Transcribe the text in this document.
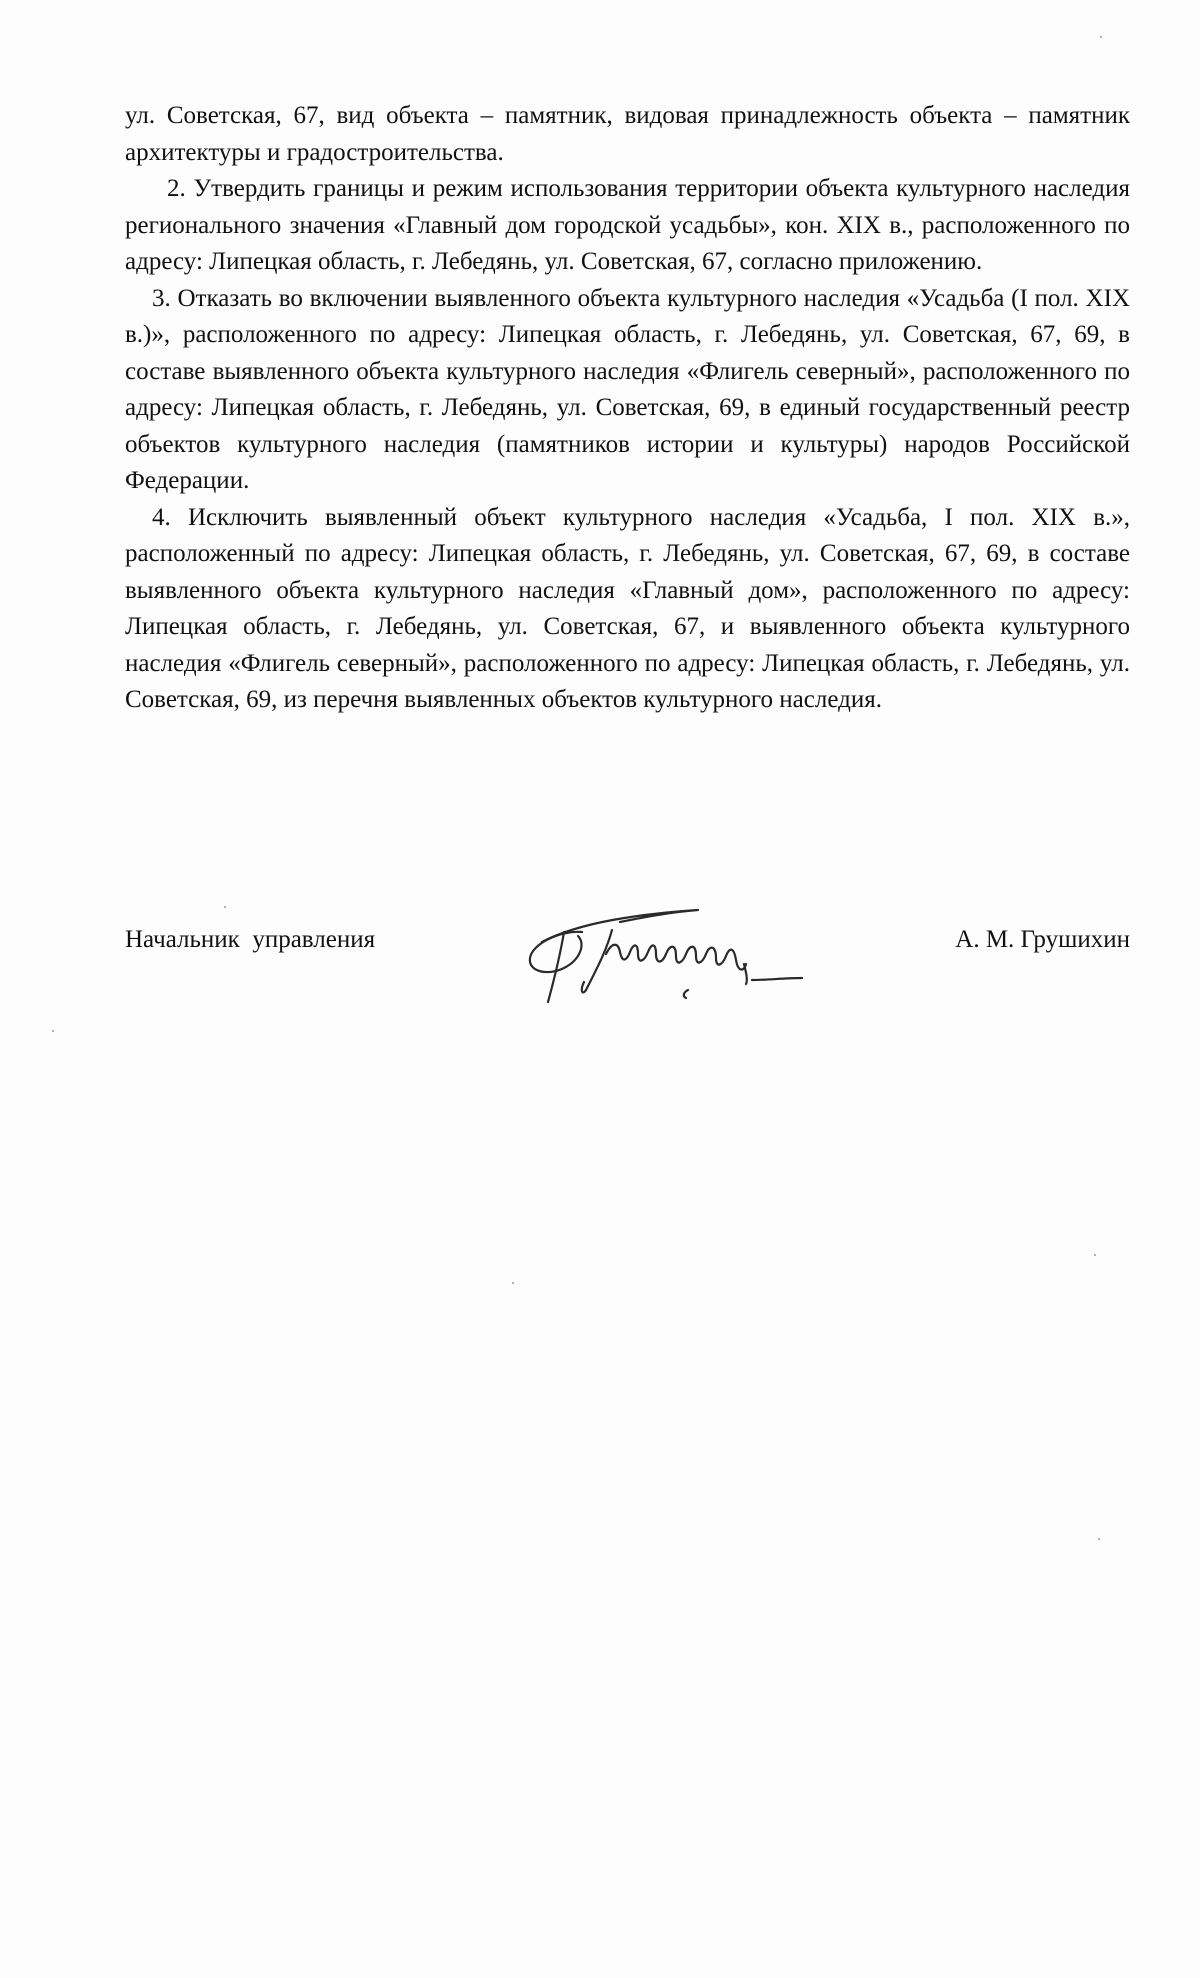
ул. Советская, 67, вид объекта – памятник, видовая принадлежность объекта – памятник архитектуры и градостроительства.

2. Утвердить границы и режим использования территории объекта культурного наследия регионального значения «Главный дом городской усадьбы», кон. XIX в., расположенного по адресу: Липецкая область, г. Лебедянь, ул. Советская, 67, согласно приложению.

3. Отказать во включении выявленного объекта культурного наследия «Усадьба (I пол. XIX в.)», расположенного по адресу: Липецкая область, г. Лебедянь, ул. Советская, 67, 69, в составе выявленного объекта культурного наследия «Флигель северный», расположенного по адресу: Липецкая область, г. Лебедянь, ул. Советская, 69, в единый государственный реестр объектов культурного наследия (памятников истории и культуры) народов Российской Федерации.

4. Исключить выявленный объект культурного наследия «Усадьба, I пол. XIX в.», расположенный по адресу: Липецкая область, г. Лебедянь, ул. Советская, 67, 69, в составе выявленного объекта культурного наследия «Главный дом», расположенного по адресу: Липецкая область, г. Лебедянь, ул. Советская, 67, и выявленного объекта культурного наследия «Флигель северный», расположенного по адресу: Липецкая область, г. Лебедянь, ул. Советская, 69, из перечня выявленных объектов культурного наследия.

Начальник  управления	А. М. Грушихин
